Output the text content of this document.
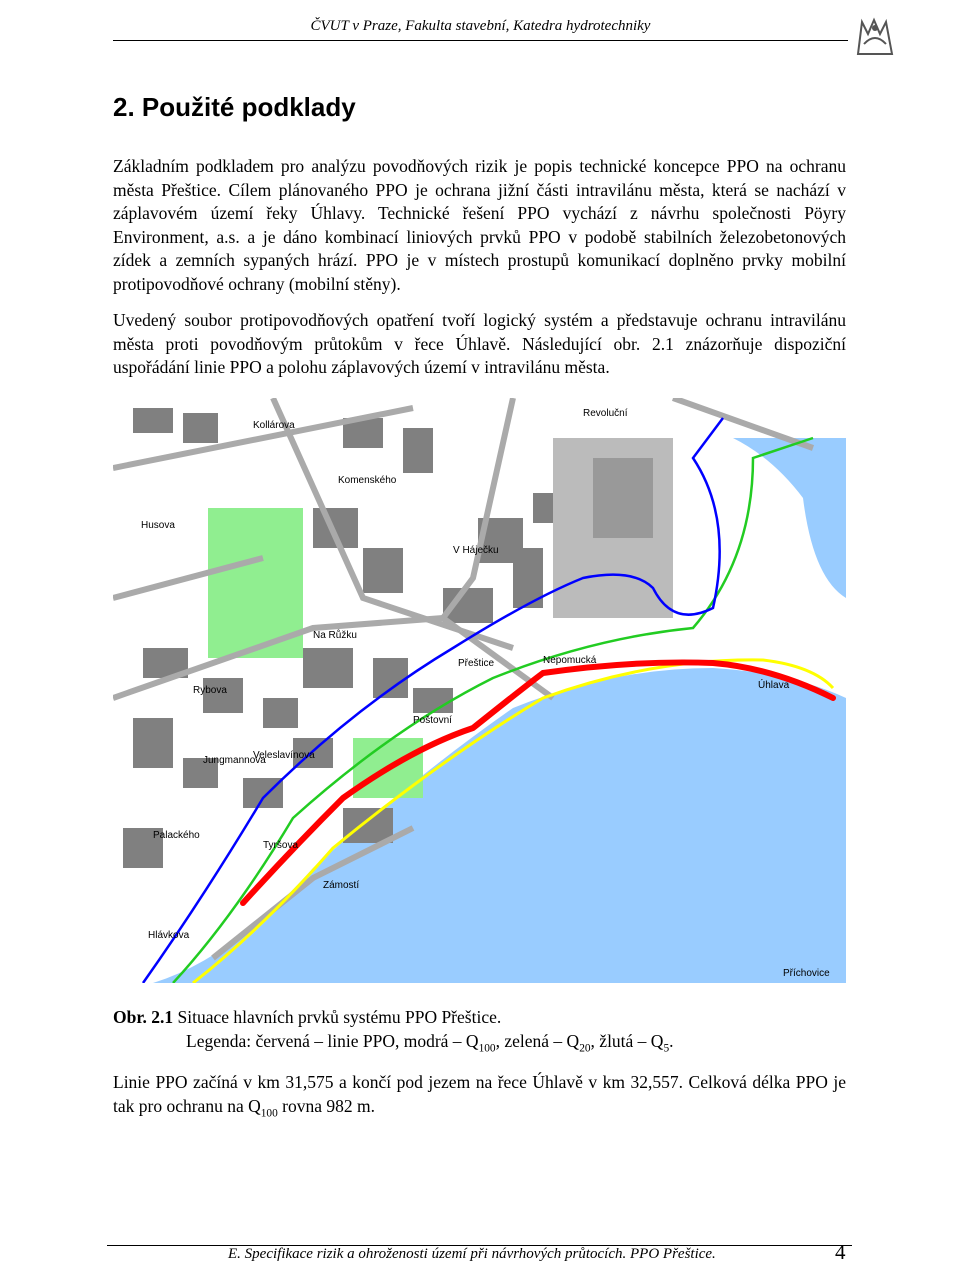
ČVUT v Praze, Fakulta stavební, Katedra hydrotechniky
2. Použité podklady

Základním podkladem pro analýzu povodňových rizik je popis technické koncepce PPO na ochranu města Přeštice. Cílem plánovaného PPO je ochrana jižní části intravilánu města, která se nachází v záplavovém území řeky Úhlavy. Technické řešení PPO vychází z návrhu společnosti Pöyry Environment, a.s. a je dáno kombinací liniových prvků PPO v podobě stabilních železobetonových zídek a zemních sypaných hrází. PPO je v místech prostupů komunikací doplněno prvky mobilní protipovodňové ochrany (mobilní stěny).

Uvedený soubor protipovodňových opatření tvoří logický systém a představuje ochranu intravilánu města proti povodňovým průtokům v řece Úhlavě. Následující obr. 2.1 znázorňuje dispoziční uspořádání linie PPO a polohu záplavových území v intravilánu města.

Revoluční
Husova
Kollárova
Komenského
V Háječku
Nepomucká
Přeštice
Rybova
Na Růžku
Poštovní
Jungmannova
Veleslavínova
Palackého
Zámostí
Úhlava
Příchovice
Hlávkova
Tyršova
Obr. 2.1 Situace hlavních prvků systému PPO Přeštice.
Legenda: červená – linie PPO, modrá – $Q_{100}$, zelená – $Q_{20}$, žlutá – $Q_5$.

Linie PPO začíná v km 31,575 a končí pod jezem na řece Úhlavě v km 32,557. Celková délka PPO je tak pro ochranu na $Q_{100}$ rovna 982 m.

E. Specifikace rizik a ohroženosti území při návrhových průtocích. PPO Přeštice.	4
